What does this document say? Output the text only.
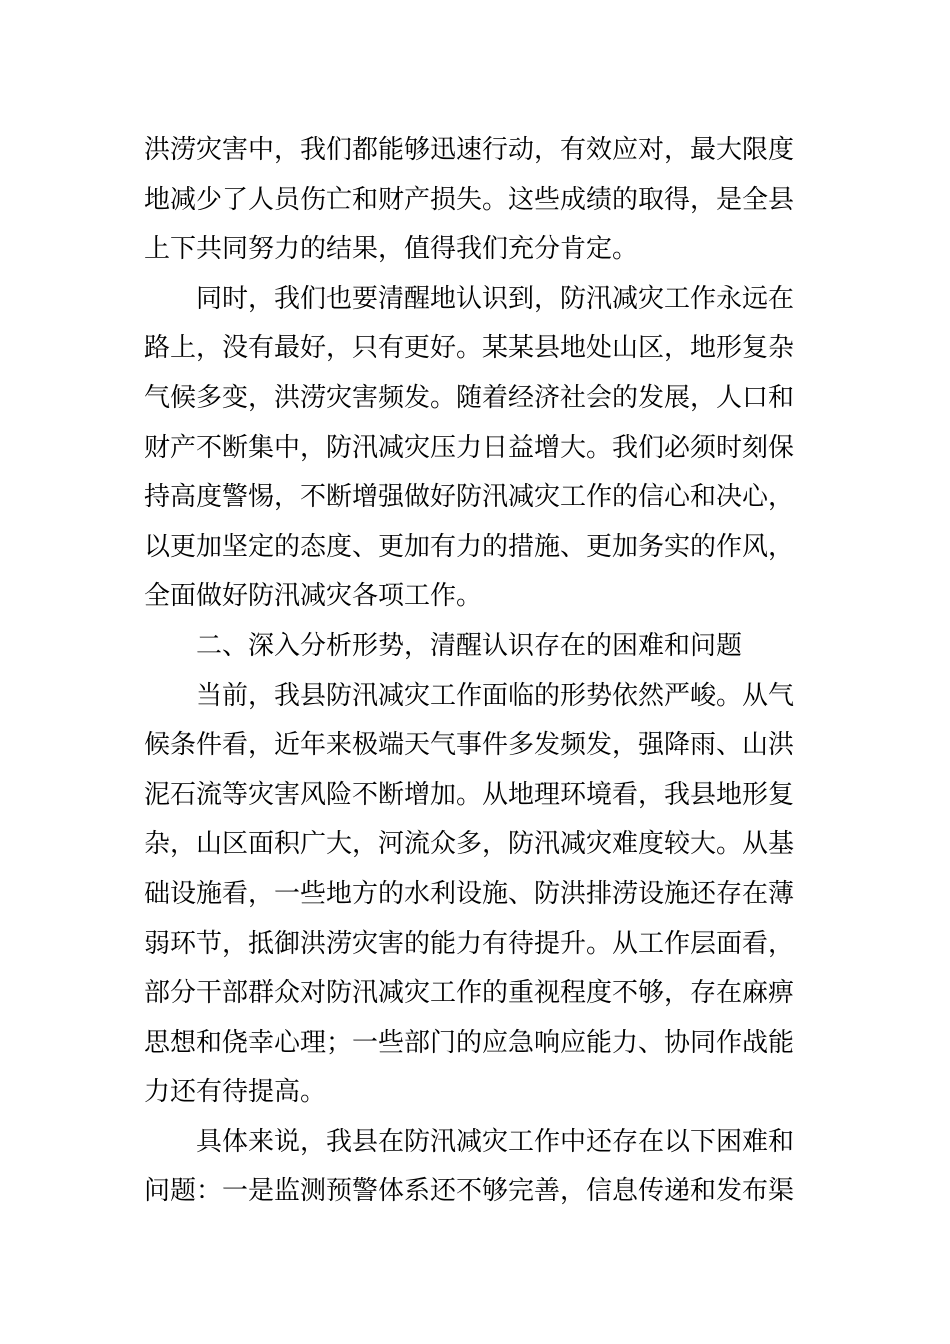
洪涝灾害中，我们都能够迅速行动，有效应对，最大限度
地减少了人员伤亡和财产损失。这些成绩的取得，是全县
上下共同努力的结果，值得我们充分肯定。
同时，我们也要清醒地认识到，防汛减灾工作永远在
路上，没有最好，只有更好。某某县地处山区，地形复杂
气候多变，洪涝灾害频发。随着经济社会的发展，人口和
财产不断集中，防汛减灾压力日益增大。我们必须时刻保
持高度警惕，不断增强做好防汛减灾工作的信心和决心，
以更加坚定的态度、更加有力的措施、更加务实的作风，
全面做好防汛减灾各项工作。
二、深入分析形势，清醒认识存在的困难和问题
当前，我县防汛减灾工作面临的形势依然严峻。从气
候条件看，近年来极端天气事件多发频发，强降雨、山洪
泥石流等灾害风险不断增加。从地理环境看，我县地形复
杂，山区面积广大，河流众多，防汛减灾难度较大。从基
础设施看，一些地方的水利设施、防洪排涝设施还存在薄
弱环节，抵御洪涝灾害的能力有待提升。从工作层面看，
部分干部群众对防汛减灾工作的重视程度不够，存在麻痹
思想和侥幸心理；一些部门的应急响应能力、协同作战能
力还有待提高。
具体来说，我县在防汛减灾工作中还存在以下困难和
问题：一是监测预警体系还不够完善，信息传递和发布渠
